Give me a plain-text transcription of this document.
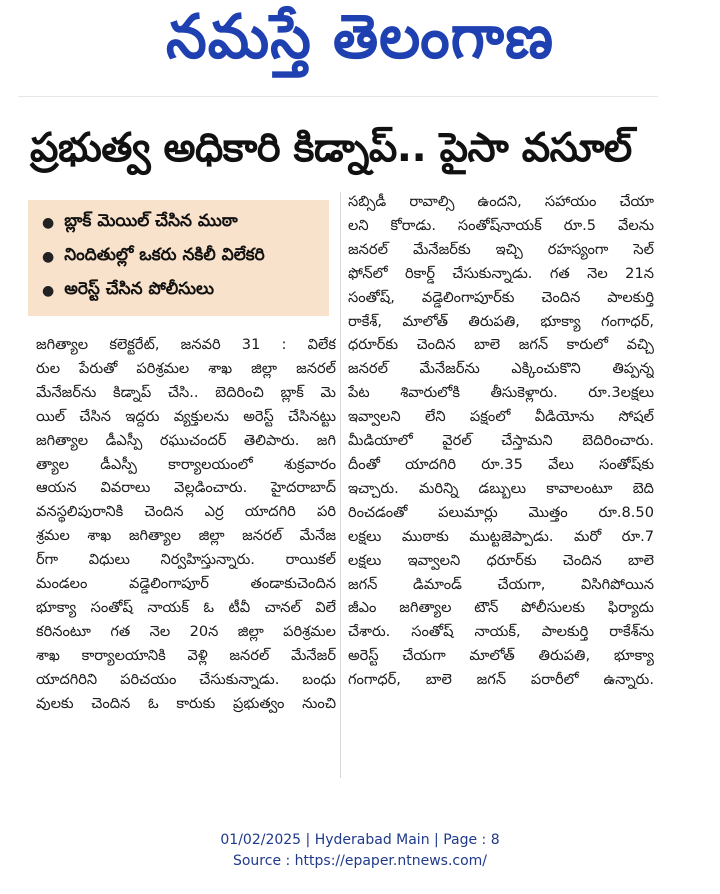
నమస్తే తెలంగాణ
ప్రభుత్వ అధికారి కిడ్నాప్.. పైసా వసూల్
● బ్లాక్‌ మెయిల్‌ చేసిన ముఠా
● నిందితుల్లో ఒకరు నకిలీ విలేకరి
● అరెస్ట్‌ చేసిన పోలీసులు
జగిత్యాల కలెక్టరేట్‌, జనవరి 31 : విలేక
రుల పేరుతో పరిశ్రమల శాఖ జిల్లా జనరల్‌
మేనేజర్‌ను కిడ్నాప్‌ చేసి.. బెదిరించి బ్లాక్‌ మె
యిల్‌ చేసిన ఇద్దరు వ్యక్తులను అరెస్ట్‌ చేసినట్టు
జగిత్యాల డీఎస్పీ రఘుచందర్‌ తెలిపారు. జగి
త్యాల డీఎస్పీ కార్యాలయంలో శుక్రవారం
ఆయన వివరాలు వెల్లడించారు. హైదరాబాద్‌
వనస్థలిపురానికి చెందిన ఎర్ర యాదగిరి పరి
శ్రమల శాఖ జగిత్యాల జిల్లా జనరల్‌ మేనేజ
ర్‌గా విధులు నిర్వహిస్తున్నారు. రాయికల్‌
మండలం వడ్డెలింగాపూర్‌ తండాకుచెందిన
భూక్యా సంతోష్‌ నాయక్‌ ఓ టీవీ చానల్‌ విలే
కరినంటూ గత నెల 20న జిల్లా పరిశ్రమల
శాఖ కార్యాలయానికి వెళ్లి జనరల్‌ మేనేజర్‌
యాదగిరిని పరిచయం చేసుకున్నాడు. బంధు
వులకు చెందిన ఓ కారుకు ప్రభుత్వం నుంచి
సబ్సిడీ రావాల్సి ఉందని, సహాయం చేయా
లని కోరాడు. సంతోష్‌నాయక్‌ రూ.5 వేలను
జనరల్‌ మేనేజర్‌కు ఇచ్చి రహస్యంగా సెల్‌
ఫోన్‌లో రికార్డ్‌ చేసుకున్నాడు. గత నెల 21న
సంతోష్‌, వడ్డెలింగాపూర్‌కు చెందిన పాలకుర్తి
రాకేశ్‌, మాలోత్‌ తిరుపతి, భూక్యా గంగాధర్‌,
ధరూర్‌కు చెందిన బాలె జగన్‌ కారులో వచ్చి
జనరల్‌ మేనేజర్‌ను ఎక్కించుకొని తిప్పన్న
పేట శివారులోకి తీసుకెళ్లారు. రూ.3లక్షలు
ఇవ్వాలని లేని పక్షంలో వీడియోను సోషల్‌
మీడియాలో వైరల్‌ చేస్తామని బెదిరించారు.
దీంతో యాదగిరి రూ.35 వేలు సంతోష్‌కు
ఇచ్చారు. మరిన్ని డబ్బులు కావాలంటూ బెది
రించడంతో పలుమార్లు మొత్తం రూ.8.50
లక్షలు ముఠాకు ముట్టజెప్పాడు. మరో రూ.7
లక్షలు ఇవ్వాలని ధరూర్‌కు చెందిన బాలె
జగన్‌ డిమాండ్‌ చేయగా, విసిగిపోయిన
జీఎం జగిత్యాల టౌన్‌ పోలీసులకు ఫిర్యాదు
చేశారు. సంతోష్‌ నాయక్‌, పాలకుర్తి రాకేశ్‌ను
అరెస్ట్‌ చేయగా మాలోత్‌ తిరుపతి, భూక్యా
గంగాధర్‌, బాలె జగన్‌ పరారీలో ఉన్నారు.
01/02/2025 | Hyderabad Main | Page : 8
Source : https://epaper.ntnews.com/
